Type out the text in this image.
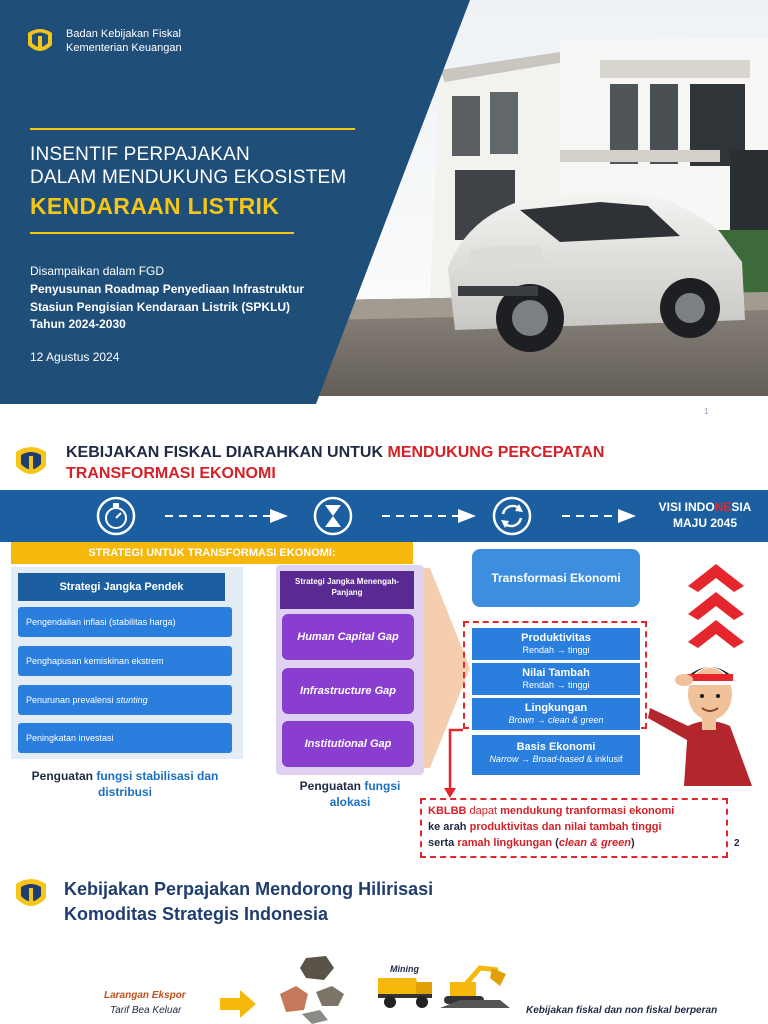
Badan Kebijakan Fiskal
Kementerian Keuangan
INSENTIF PERPAJAKAN
DALAM MENDUKUNG EKOSISTEM
KENDARAAN LISTRIK
Disampaikan dalam FGD
Penyusunan Roadmap Penyediaan Infrastruktur
Stasiun Pengisian Kendaraan Listrik (SPKLU)
Tahun 2024-2030
12 Agustus 2024
1
KEBIJAKAN FISKAL DIARAHKAN UNTUK MENDUKUNG PERCEPATAN
TRANSFORMASI EKONOMI
VISI INDONESIA
MAJU 2045
STRATEGI UNTUK TRANSFORMASI EKONOMI:
Strategi Jangka Pendek
Pengendalian inflasi (stabilitas harga)
Penghapusan kemiskinan ekstrem
Penurunan prevalensi stunting
Peningkatan investasi
Penguatan fungsi stabilisasi dan
distribusi
Strategi Jangka Menengah-Panjang
Human Capital Gap
Infrastructure Gap
Institutional Gap
Penguatan fungsi
alokasi
Transformasi Ekonomi
Produktivitas
Rendah → tinggi
Nilai Tambah
Rendah → tinggi
Lingkungan
Brown → clean & green
Basis Ekonomi
Narrow → Broad-based & inklusif
KBLBB dapat mendukung tranformasi ekonomi
ke arah produktivitas dan nilai tambah tinggi
serta ramah lingkungan (clean & green)	2
Kebijakan Perpajakan Mendorong Hilirisasi
Komoditas Strategis Indonesia
Larangan Ekspor
Tarif Bea Keluar
Mining
Kebijakan fiskal dan non fiskal berperan
